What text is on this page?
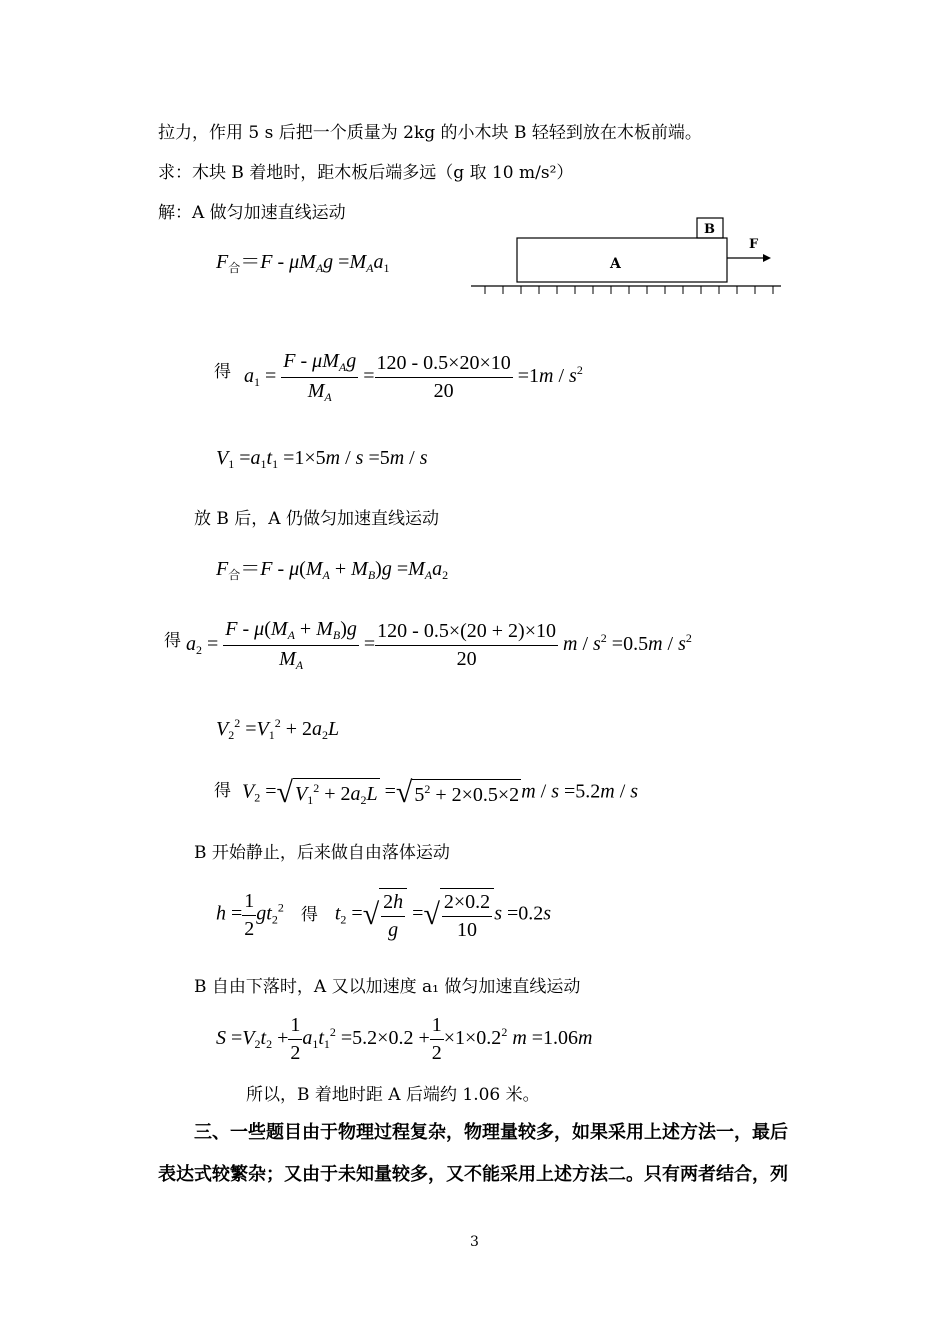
拉力，作用 5 s 后把一个质量为 2kg 的小木块 B 轻轻到放在木板前端。
求：木块 B 着地时，距木板后端多远（g 取 10 m/s²）
解：A 做匀加速直线运动
A
B
F
$F_合=F - \mu M_Ag =M_Aa_1$
得 $a_1 = \frac{F - \mu M_Ag}{M_A} = \frac{120 - 0.5\times 20\times 10}{20} =1m / s^2$
$V_1 =a_1t_1 =1\times 5m / s =5m / s$
放 B 后，A 仍做匀加速直线运动
$F_合=F - \mu(M_A + M_B)g =M_Aa_2$
得 $a_2 = \frac{F - \mu(M_A + M_B)g}{M_A} = \frac{120 - 0.5\times(20 + 2)\times 10}{20}$ $m / s^2 =0.5m / s^2$
$V_2^2 =V_1^2 + 2a_2L$
得 $V_2$ =√ $V_1^2 + 2a_2L$ =√ $5^2 + 2\times 0.5\times 2$ m / s =5.2m / s
B 开始静止，后来做自由落体运动
$h = \frac{1}{2} gt_2^2$ 得 $t_2$ =√ $\frac{2h}{g}$ =√ $\frac{2\times 0.2}{10}$ s =0.2s
B 自由下落时，A 又以加速度 a₁ 做匀加速直线运动
$S =V_2t_2 + \frac{1}{2} a_1t_1^2 =5.2\times 0.2 + \frac{1}{2} \times 1\times 0.2^2$ m =1.06m
所以，B 着地时距 A 后端约 1.06 米。
三、一些题目由于物理过程复杂，物理量较多，如果采用上述方法一，最后
表达式较繁杂；又由于未知量较多，又不能采用上述方法二。只有两者结合，列
3
